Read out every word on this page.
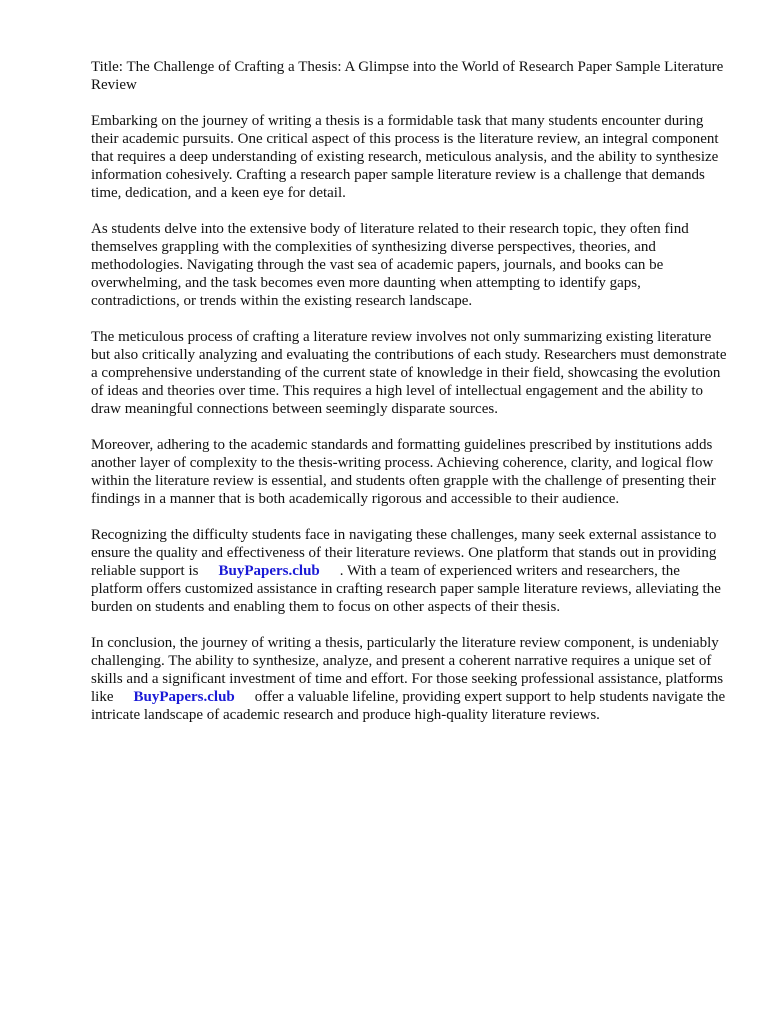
Title: The Challenge of Crafting a Thesis: A Glimpse into the World of Research Paper Sample Literature Review

Embarking on the journey of writing a thesis is a formidable task that many students encounter during their academic pursuits. One critical aspect of this process is the literature review, an integral component that requires a deep understanding of existing research, meticulous analysis, and the ability to synthesize information cohesively. Crafting a research paper sample literature review is a challenge that demands time, dedication, and a keen eye for detail.

As students delve into the extensive body of literature related to their research topic, they often find themselves grappling with the complexities of synthesizing diverse perspectives, theories, and methodologies. Navigating through the vast sea of academic papers, journals, and books can be overwhelming, and the task becomes even more daunting when attempting to identify gaps, contradictions, or trends within the existing research landscape.

The meticulous process of crafting a literature review involves not only summarizing existing literature but also critically analyzing and evaluating the contributions of each study. Researchers must demonstrate a comprehensive understanding of the current state of knowledge in their field, showcasing the evolution of ideas and theories over time. This requires a high level of intellectual engagement and the ability to draw meaningful connections between seemingly disparate sources.

Moreover, adhering to the academic standards and formatting guidelines prescribed by institutions adds another layer of complexity to the thesis-writing process. Achieving coherence, clarity, and logical flow within the literature review is essential, and students often grapple with the challenge of presenting their findings in a manner that is both academically rigorous and accessible to their audience.

Recognizing the difficulty students face in navigating these challenges, many seek external assistance to ensure the quality and effectiveness of their literature reviews. One platform that stands out in providing reliable support is BuyPapers.club . With a team of experienced writers and researchers, the platform offers customized assistance in crafting research paper sample literature reviews, alleviating the burden on students and enabling them to focus on other aspects of their thesis.

In conclusion, the journey of writing a thesis, particularly the literature review component, is undeniably challenging. The ability to synthesize, analyze, and present a coherent narrative requires a unique set of skills and a significant investment of time and effort. For those seeking professional assistance, platforms like BuyPapers.club offer a valuable lifeline, providing expert support to help students navigate the intricate landscape of academic research and produce high-quality literature reviews.
